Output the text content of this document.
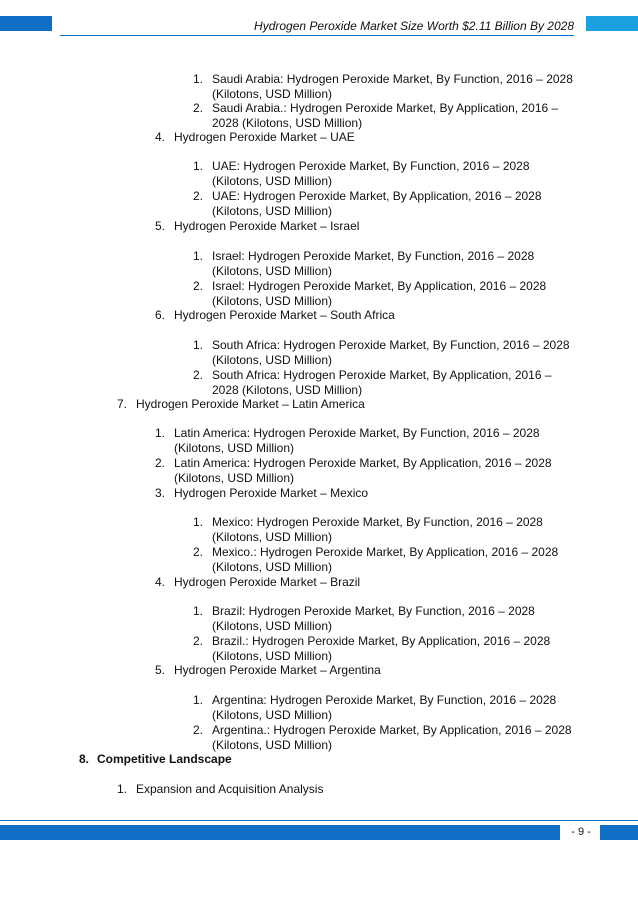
Hydrogen Peroxide Market Size Worth $2.11 Billion By 2028
1. Saudi Arabia: Hydrogen Peroxide Market, By Function, 2016 – 2028
(Kilotons, USD Million)
2. Saudi Arabia.: Hydrogen Peroxide Market, By Application, 2016 –
2028 (Kilotons, USD Million)
4. Hydrogen Peroxide Market – UAE
1. UAE: Hydrogen Peroxide Market, By Function, 2016 – 2028
(Kilotons, USD Million)
2. UAE: Hydrogen Peroxide Market, By Application, 2016 – 2028
(Kilotons, USD Million)
5. Hydrogen Peroxide Market – Israel
1. Israel: Hydrogen Peroxide Market, By Function, 2016 – 2028
(Kilotons, USD Million)
2. Israel: Hydrogen Peroxide Market, By Application, 2016 – 2028
(Kilotons, USD Million)
6. Hydrogen Peroxide Market – South Africa
1. South Africa: Hydrogen Peroxide Market, By Function, 2016 – 2028
(Kilotons, USD Million)
2. South Africa: Hydrogen Peroxide Market, By Application, 2016 –
2028 (Kilotons, USD Million)
7. Hydrogen Peroxide Market – Latin America
1. Latin America: Hydrogen Peroxide Market, By Function, 2016 – 2028
(Kilotons, USD Million)
2. Latin America: Hydrogen Peroxide Market, By Application, 2016 – 2028
(Kilotons, USD Million)
3. Hydrogen Peroxide Market – Mexico
1. Mexico: Hydrogen Peroxide Market, By Function, 2016 – 2028
(Kilotons, USD Million)
2. Mexico.: Hydrogen Peroxide Market, By Application, 2016 – 2028
(Kilotons, USD Million)
4. Hydrogen Peroxide Market – Brazil
1. Brazil: Hydrogen Peroxide Market, By Function, 2016 – 2028
(Kilotons, USD Million)
2. Brazil.: Hydrogen Peroxide Market, By Application, 2016 – 2028
(Kilotons, USD Million)
5. Hydrogen Peroxide Market – Argentina
1. Argentina: Hydrogen Peroxide Market, By Function, 2016 – 2028
(Kilotons, USD Million)
2. Argentina.: Hydrogen Peroxide Market, By Application, 2016 – 2028
(Kilotons, USD Million)
8. Competitive Landscape
1. Expansion and Acquisition Analysis
- 9 -
